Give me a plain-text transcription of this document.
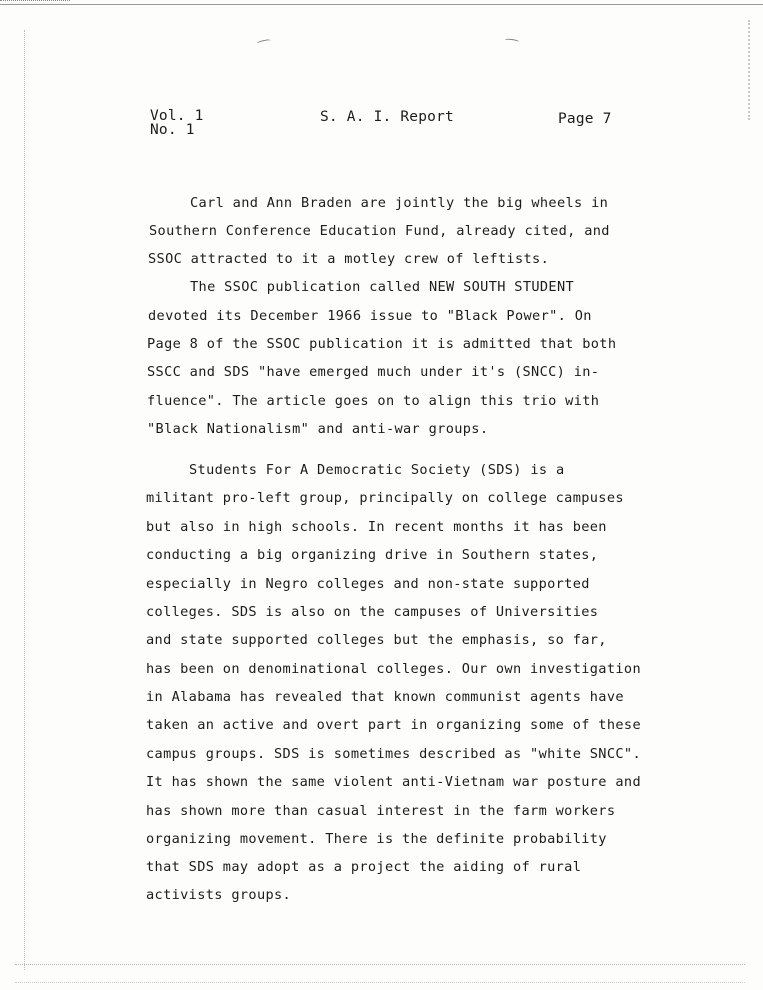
Vol. 1
No. 1
S. A. I. Report	Page 7
Carl and Ann Braden are jointly the big wheels in
Southern Conference Education Fund, already cited, and
SSOC attracted to it a motley crew of leftists.
The SSOC publication called NEW SOUTH STUDENT
devoted its December 1966 issue to "Black Power". On
Page 8 of the SSOC publication it is admitted that both
SSCC and SDS "have emerged much under it's (SNCC) in-
fluence". The article goes on to align this trio with
"Black Nationalism" and anti-war groups.
Students For A Democratic Society (SDS) is a
militant pro-left group, principally on college campuses
but also in high schools. In recent months it has been
conducting a big organizing drive in Southern states,
especially in Negro colleges and non-state supported
colleges. SDS is also on the campuses of Universities
and state supported colleges but the emphasis, so far,
has been on denominational colleges. Our own investigation
in Alabama has revealed that known communist agents have
taken an active and overt part in organizing some of these
campus groups. SDS is sometimes described as "white SNCC".
It has shown the same violent anti-Vietnam war posture and
has shown more than casual interest in the farm workers
organizing movement. There is the definite probability
that SDS may adopt as a project the aiding of rural
activists groups.
